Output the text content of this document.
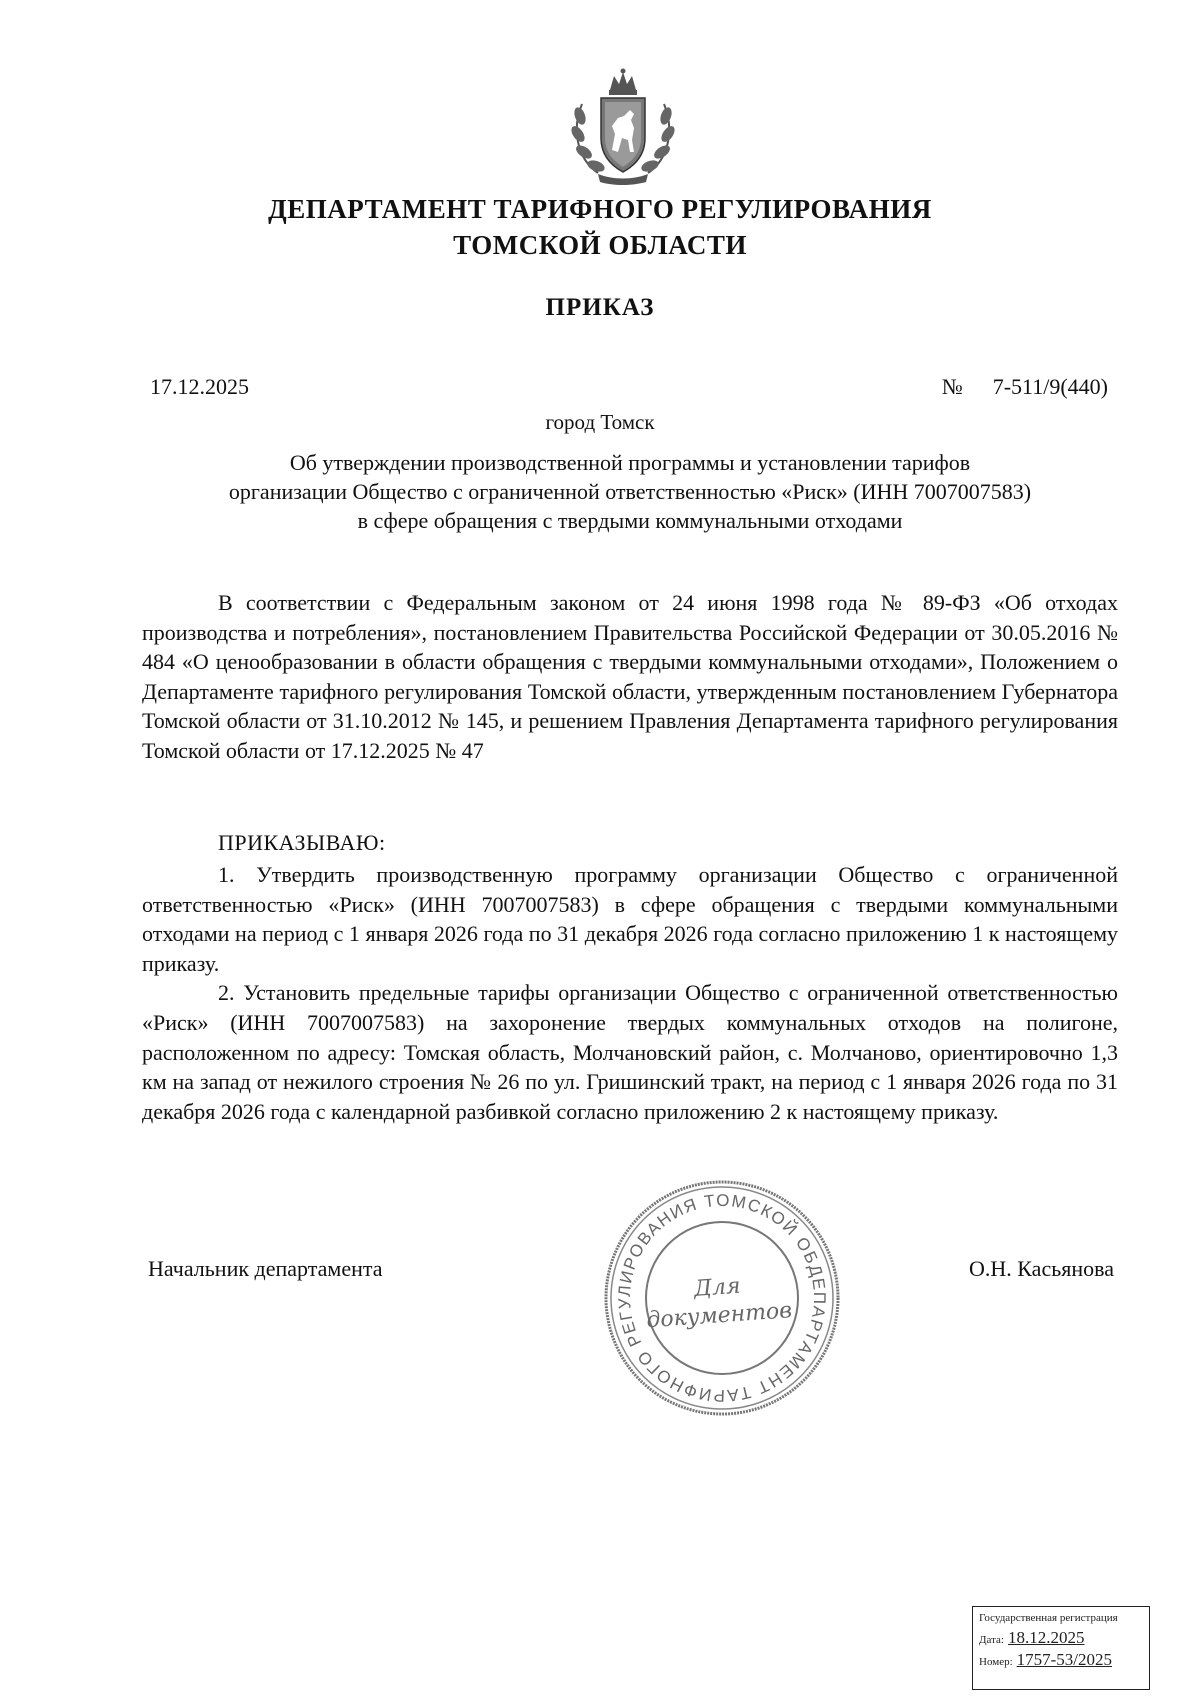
ДЕПАРТАМЕНТ ТАРИФНОГО РЕГУЛИРОВАНИЯ
ТОМСКОЙ ОБЛАСТИ
ПРИКАЗ
17.12.2025	№ 7-511/9(440)
город Томск
Об утверждении производственной программы и установлении тарифов
организации Общество с ограниченной ответственностью «Риск» (ИНН 7007007583)
в сфере обращения с твердыми коммунальными отходами

В соответствии с Федеральным законом от 24 июня 1998 года № 89-ФЗ «Об отходах производства и потребления», постановлением Правительства Российской Федерации от 30.05.2016 № 484 «О ценообразовании в области обращения с твердыми коммунальными отходами», Положением о Департаменте тарифного регулирования Томской области, утвержденным постановлением Губернатора Томской области от 31.10.2012 № 145, и решением Правления Департамента тарифного регулирования Томской области от 17.12.2025 № 47

ПРИКАЗЫВАЮ:

1. Утвердить производственную программу организации Общество с ограниченной ответственностью «Риск» (ИНН 7007007583) в сфере обращения с твердыми коммунальными отходами на период с 1 января 2026 года по 31 декабря 2026 года согласно приложению 1 к настоящему приказу.

2. Установить предельные тарифы организации Общество с ограниченной ответственностью «Риск» (ИНН 7007007583) на захоронение твердых коммунальных отходов на полигоне, расположенном по адресу: Томская область, Молчановский район, с. Молчаново, ориентировочно 1,3 км на запад от нежилого строения № 26 по ул. Гришинский тракт, на период с 1 января 2026 года по 31 декабря 2026 года с календарной разбивкой согласно приложению 2 к настоящему приказу.

Начальник департамента	О.Н. Касьянова
ДЕПАРТАМЕНТ ТАРИФНОГО РЕГУЛИРОВАНИЯ ТОМСКОЙ ОБЛАСТИ
Для
документов
Государственная регистрация
Дата: 18.12.2025
Номер: 1757-53/2025
